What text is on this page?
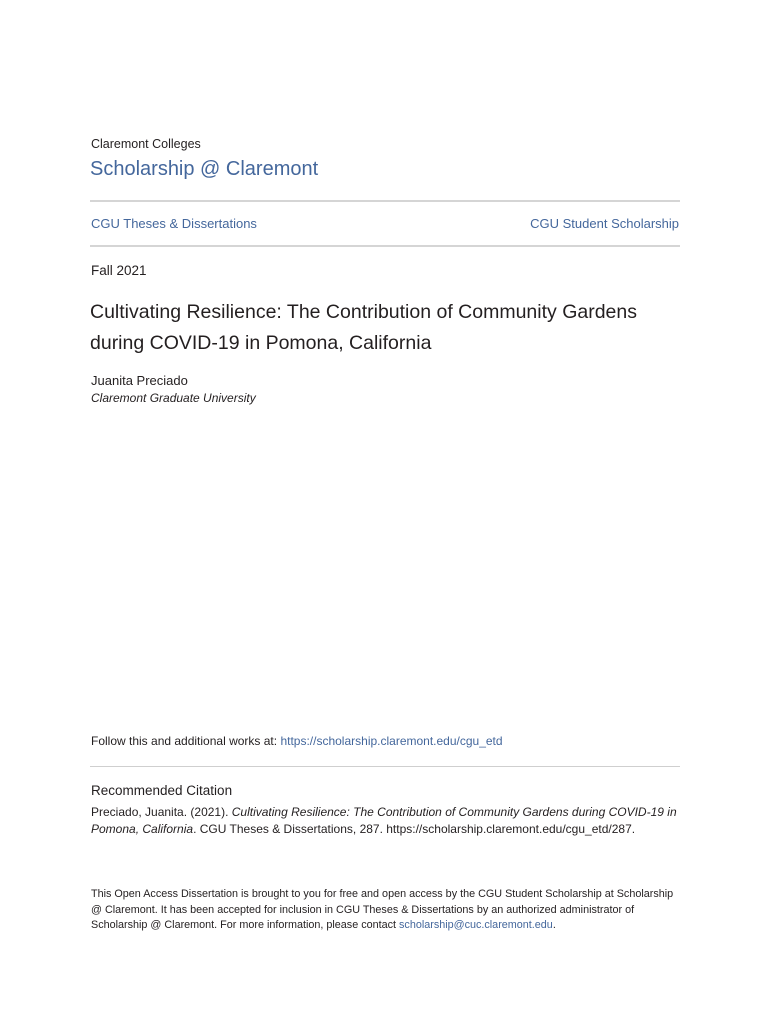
Claremont Colleges
Scholarship @ Claremont
CGU Theses & Dissertations	CGU Student Scholarship
Fall 2021
Cultivating Resilience: The Contribution of Community Gardens
during COVID-19 in Pomona, California
Juanita Preciado
Claremont Graduate University
Follow this and additional works at: https://scholarship.claremont.edu/cgu_etd
Recommended Citation
Preciado, Juanita. (2021). Cultivating Resilience: The Contribution of Community Gardens during COVID-19 in Pomona, California. CGU Theses & Dissertations, 287. https://scholarship.claremont.edu/cgu_etd/287.
This Open Access Dissertation is brought to you for free and open access by the CGU Student Scholarship at Scholarship @ Claremont. It has been accepted for inclusion in CGU Theses & Dissertations by an authorized administrator of Scholarship @ Claremont. For more information, please contact scholarship@cuc.claremont.edu.
